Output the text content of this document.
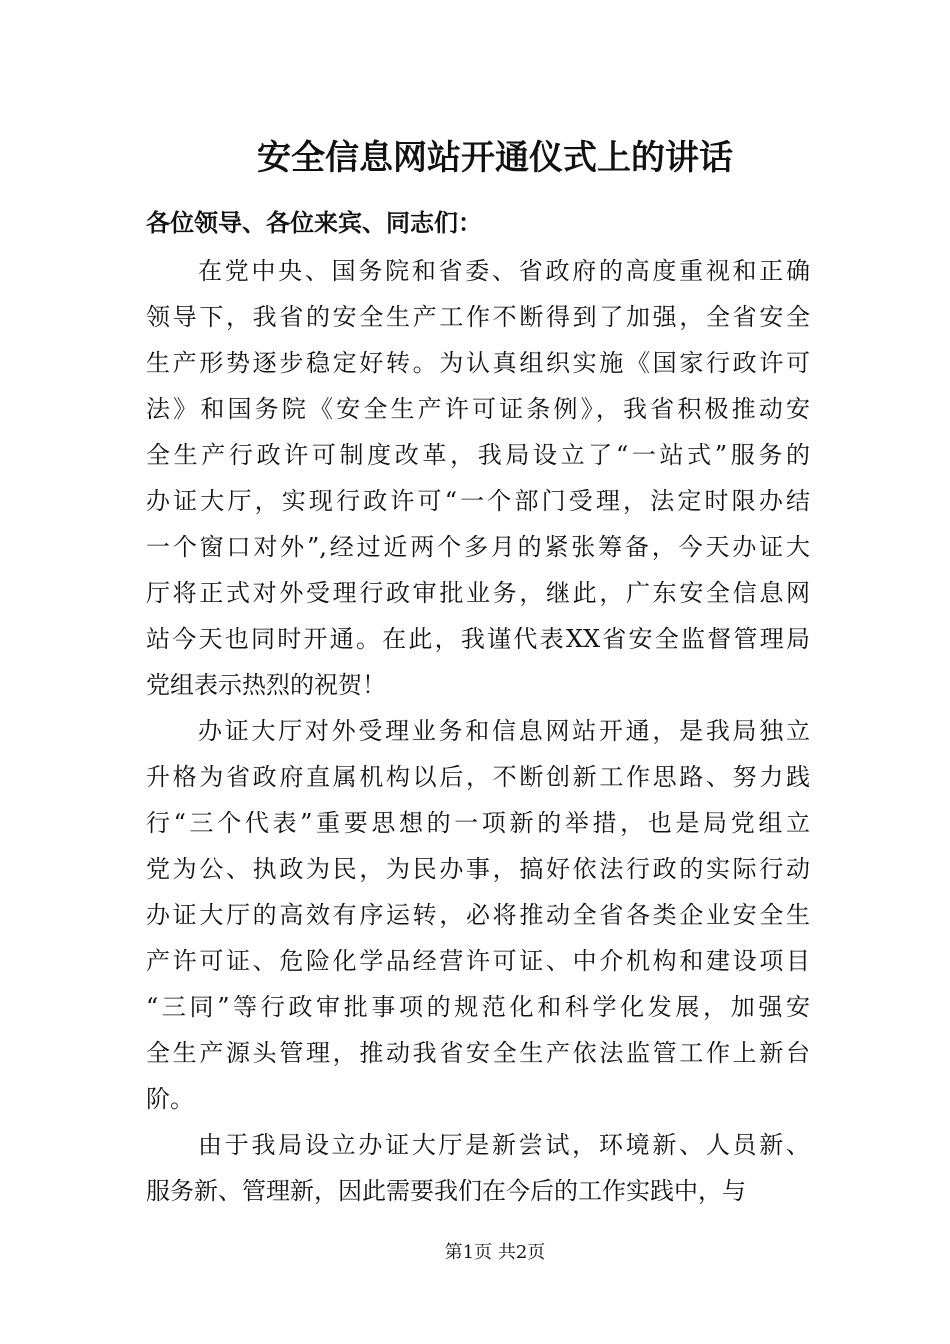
安全信息网站开通仪式上的讲话
各位领导、各位来宾、同志们：
在党中央、国务院和省委、省政府的高度重视和正确
领导下，我省的安全生产工作不断得到了加强，全省安全
生产形势逐步稳定好转。为认真组织实施《国家行政许可
法》和国务院《安全生产许可证条例》，我省积极推动安
全生产行政许可制度改革，我局设立了“一站式”服务的
办证大厅，实现行政许可“一个部门受理，法定时限办结
一个窗口对外”,经过近两个多月的紧张筹备，今天办证大
厅将正式对外受理行政审批业务，继此，广东安全信息网
站今天也同时开通。在此，我谨代表XX省安全监督管理局
党组表示热烈的祝贺！
办证大厅对外受理业务和信息网站开通，是我局独立
升格为省政府直属机构以后，不断创新工作思路、努力践
行“三个代表”重要思想的一项新的举措，也是局党组立
党为公、执政为民，为民办事，搞好依法行政的实际行动
办证大厅的高效有序运转，必将推动全省各类企业安全生
产许可证、危险化学品经营许可证、中介机构和建设项目
“三同”等行政审批事项的规范化和科学化发展，加强安
全生产源头管理，推动我省安全生产依法监管工作上新台
阶。
由于我局设立办证大厅是新尝试，环境新、人员新、
服务新、管理新，因此需要我们在今后的工作实践中，与
第1页 共2页
